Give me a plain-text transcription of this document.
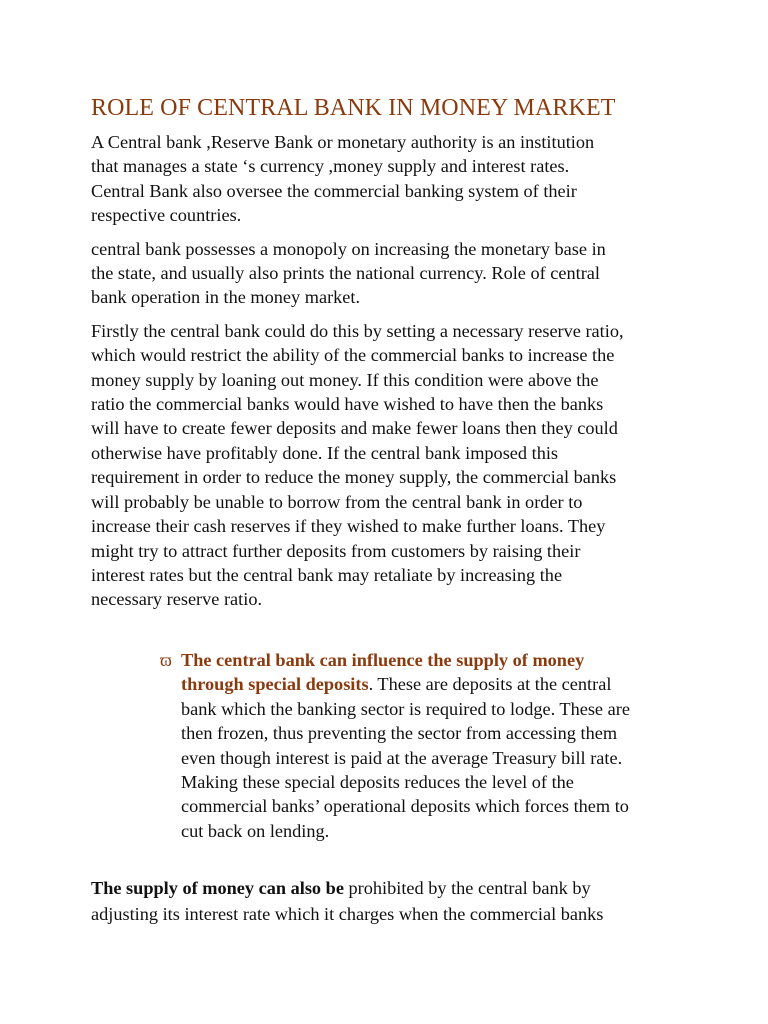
ROLE OF CENTRAL BANK IN MONEY MARKET
A Central bank ,Reserve Bank or monetary authority is an institution
that manages a state ‘s currency ,money supply and interest rates.
Central Bank also oversee the commercial banking system of their
respective countries.
central bank possesses a monopoly on increasing the monetary base in
the state, and usually also prints the national currency. Role of central
bank operation in the money market.
Firstly the central bank could do this by setting a necessary reserve ratio,
which would restrict the ability of the commercial banks to increase the
money supply by loaning out money. If this condition were above the
ratio the commercial banks would have wished to have then the banks
will have to create fewer deposits and make fewer loans then they could
otherwise have profitably done. If the central bank imposed this
requirement in order to reduce the money supply, the commercial banks
will probably be unable to borrow from the central bank in order to
increase their cash reserves if they wished to make further loans. They
might try to attract further deposits from customers by raising their
interest rates but the central bank may retaliate by increasing the
necessary reserve ratio.
ϖ The central bank can influence the supply of money
through special deposits. These are deposits at the central
bank which the banking sector is required to lodge. These are
then frozen, thus preventing the sector from accessing them
even though interest is paid at the average Treasury bill rate.
Making these special deposits reduces the level of the
commercial banks’ operational deposits which forces them to
cut back on lending.
The supply of money can also be prohibited by the central bank by
adjusting its interest rate which it charges when the commercial banks
